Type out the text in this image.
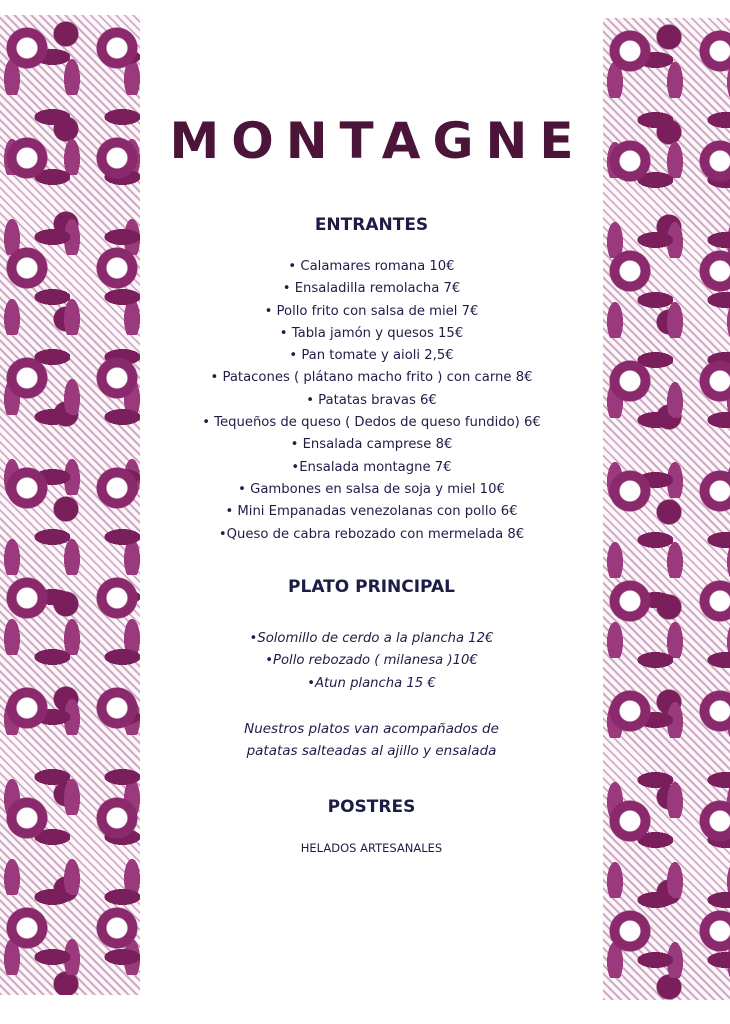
MONTAGNE
ENTRANTES
• Calamares romana 10€
• Ensaladilla remolacha 7€
• Pollo frito con salsa de miel 7€
• Tabla jamón y quesos 15€
• Pan tomate y aioli 2,5€
• Patacones ( plátano macho frito ) con carne 8€
• Patatas bravas 6€
• Tequeños de queso ( Dedos de queso fundido) 6€
• Ensalada camprese 8€
•Ensalada montagne 7€
• Gambones en salsa de soja y miel 10€
• Mini Empanadas venezolanas con pollo 6€
•Queso de cabra rebozado con mermelada 8€
PLATO PRINCIPAL
•Solomillo de cerdo a la plancha 12€
•Pollo rebozado ( milanesa )10€
•Atun plancha 15 €
Nuestros platos van acompañados de
patatas salteadas al ajillo y ensalada
POSTRES
HELADOS ARTESANALES
